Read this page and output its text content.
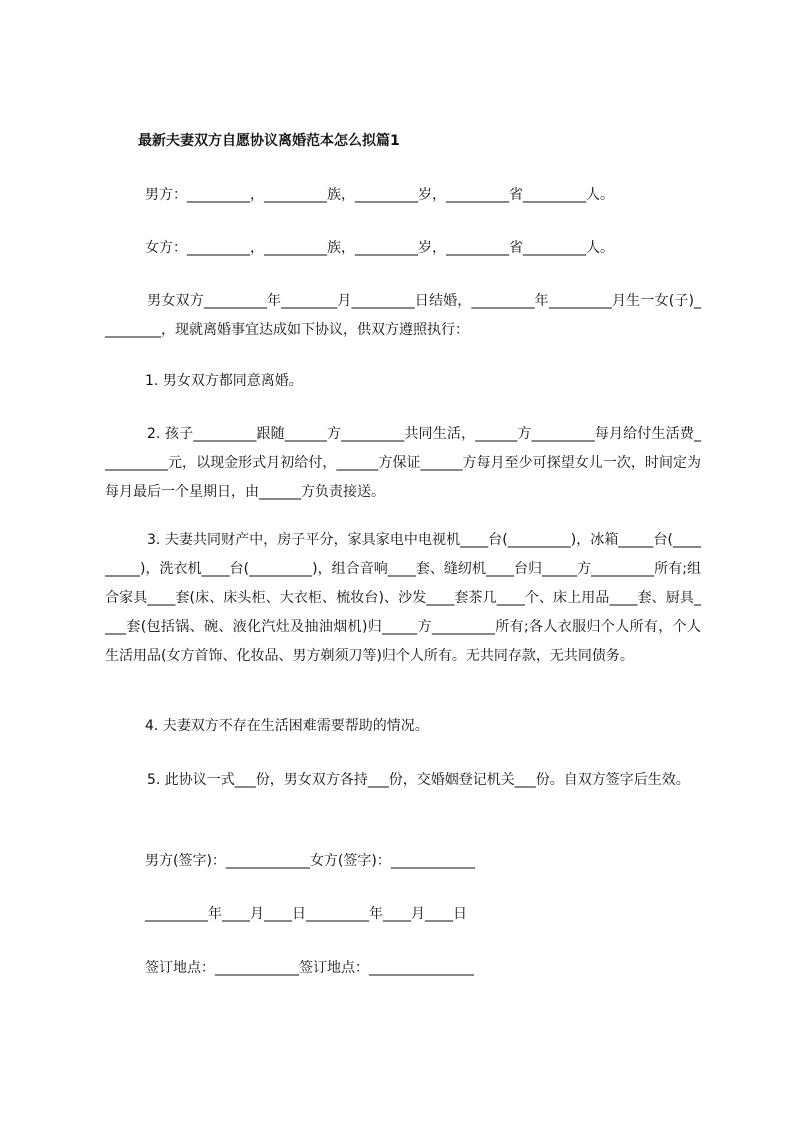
最新夫妻双方自愿协议离婚范本怎么拟篇1
男方：_________，_________族，_________岁，_________省_________人。
女方：_________，_________族，_________岁，_________省_________人。
男女双方_________年________月_________日结婚，_________年_________月生一女(子)_________，现就离婚事宜达成如下协议，供双方遵照执行：
1. 男女双方都同意离婚。
2. 孩子_________跟随______方_________共同生活，______方_________每月给付生活费__________元，以现金形式月初给付，______方保证______方每月至少可探望女儿一次，时间定为每月最后一个星期日，由______方负责接送。
3. 夫妻共同财产中，房子平分，家具家电中电视机____台(_________)，冰箱_____台(_________)，洗衣机____台(_________)，组合音响____套、缝纫机____台归_____方_________所有;组合家具____套(床、床头柜、大衣柜、梳妆台)、沙发____套茶几____个、床上用品____套、厨具____套(包括锅、碗、液化汽灶及抽油烟机)归_____方_________所有;各人衣服归个人所有，个人生活用品(女方首饰、化妆品、男方剃须刀等)归个人所有。无共同存款，无共同债务。
4. 夫妻双方不存在生活困难需要帮助的情况。
5. 此协议一式___份，男女双方各持___份，交婚姻登记机关___份。自双方签字后生效。
男方(签字)：____________女方(签字)：____________
_________年____月____日_________年____月____日
签订地点：____________签订地点：_______________
